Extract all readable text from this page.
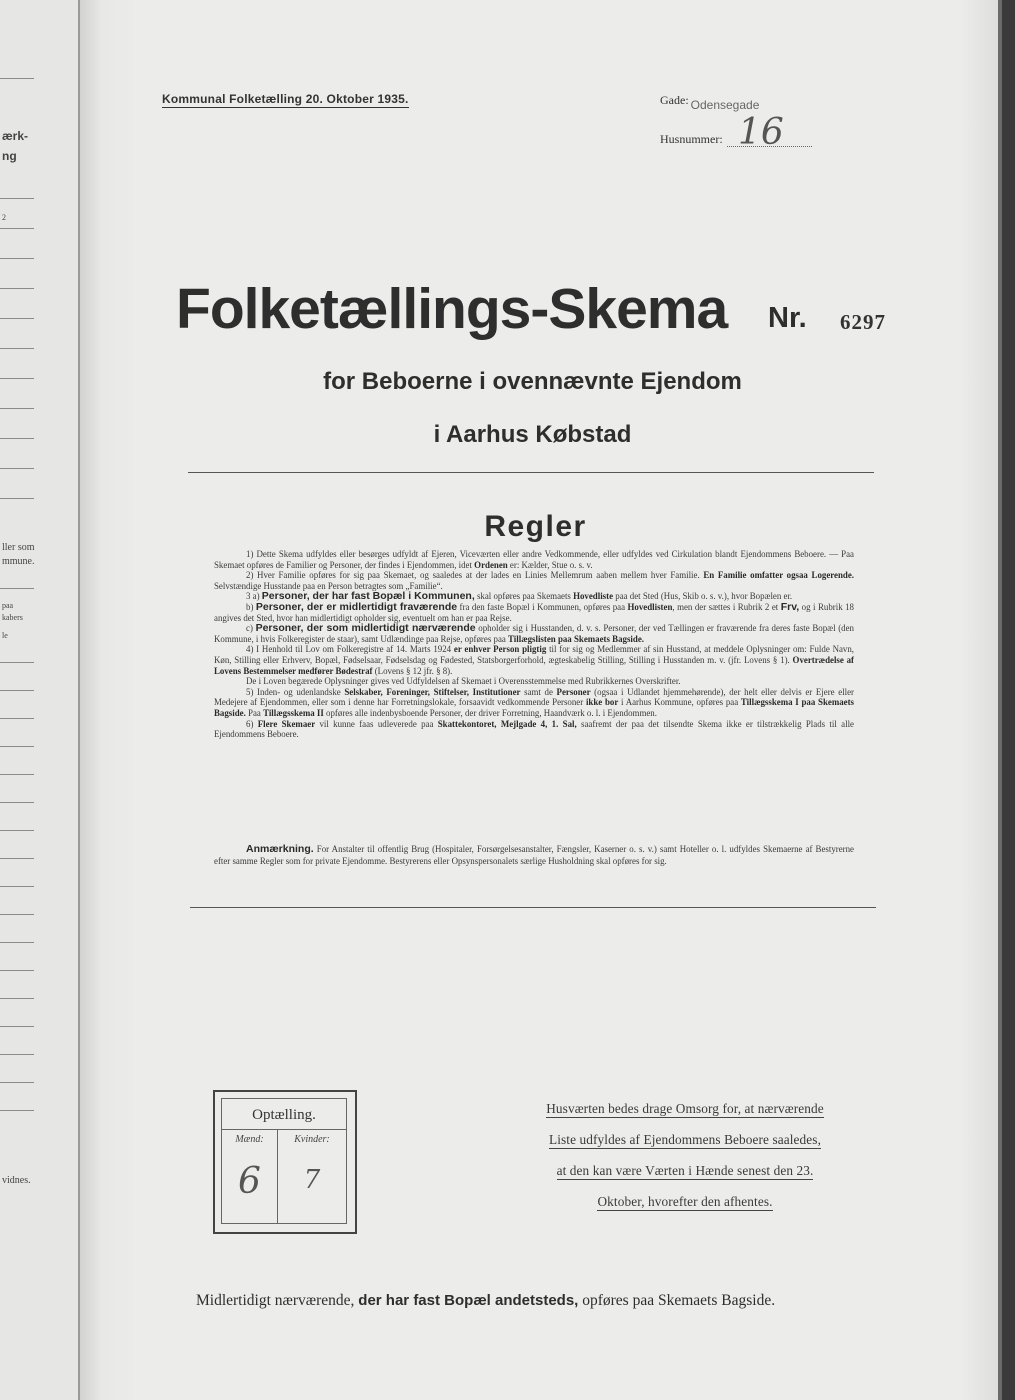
ærk-
ng
2
ller som
mmune.
paa
kabers
le
vidnes.
Kommunal Folketælling 20. Oktober 1935.	Gade: Odensegade
Husnummer: 16
Folketællings-Skema Nr. 6297
for Beboerne i ovennævnte Ejendom
i Aarhus Købstad
Regler

1) Dette Skema udfyldes eller besørges udfyldt af Ejeren, Viceværten eller andre Vedkommende, eller udfyldes ved Cirkulation blandt Ejendommens Beboere. — Paa Skemaet opføres de Familier og Personer, der findes i Ejendommen, idet Ordenen er: Kælder, Stue o. s. v.

2) Hver Familie opføres for sig paa Skemaet, og saaledes at der lades en Linies Mellemrum aaben mellem hver Familie. En Familie omfatter ogsaa Logerende. Selvstændige Husstande paa en Person betragtes som „Familie“.

3 a) Personer, der har fast Bopæl i Kommunen, skal opføres paa Skemaets Hovedliste paa det Sted (Hus, Skib o. s. v.), hvor Bopælen er.

b) Personer, der er midlertidigt fraværende fra den faste Bopæl i Kommunen, opføres paa Hovedlisten, men der sættes i Rubrik 2 et Frv, og i Rubrik 18 angives det Sted, hvor han midlertidigt opholder sig, eventuelt om han er paa Rejse.

c) Personer, der som midlertidigt nærværende opholder sig i Husstanden, d. v. s. Personer, der ved Tællingen er fraværende fra deres faste Bopæl (den Kommune, i hvis Folkeregister de staar), samt Udlændinge paa Rejse, opføres paa Tillægslisten paa Skemaets Bagside.

4) I Henhold til Lov om Folkeregistre af 14. Marts 1924 er enhver Person pligtig til for sig og Medlemmer af sin Husstand, at meddele Oplysninger om: Fulde Navn, Køn, Stilling eller Erhverv, Bopæl, Fødselsaar, Fødselsdag og Fødested, Statsborgerforhold, ægteskabelig Stilling, Stilling i Husstanden m. v. (jfr. Lovens § 1). Overtrædelse af Lovens Bestemmelser medfører Bødestraf (Lovens § 12 jfr. § 8).

De i Loven begærede Oplysninger gives ved Udfyldelsen af Skemaet i Overensstemmelse med Rubrikkernes Overskrifter.

5) Inden- og udenlandske Selskaber, Foreninger, Stiftelser, Institutioner samt de Personer (ogsaa i Udlandet hjemmehørende), der helt eller delvis er Ejere eller Medejere af Ejendommen, eller som i denne har Forretningslokale, forsaavidt vedkommende Personer ikke bor i Aarhus Kommune, opføres paa Tillægsskema I paa Skemaets Bagside. Paa Tillægsskema II opføres alle indenbysboende Personer, der driver Forretning, Haandværk o. l. i Ejendommen.

6) Flere Skemaer vil kunne faas udleverede paa Skattekontoret, Mejlgade 4, 1. Sal, saafremt der paa det tilsendte Skema ikke er tilstrækkelig Plads til alle Ejendommens Beboere.

Anmærkning. For Anstalter til offentlig Brug (Hospitaler, Forsørgelsesanstalter, Fængsler, Kaserner o. s. v.) samt Hoteller o. l. udfyldes Skemaerne af Bestyrerne efter samme Regler som for private Ejendomme. Bestyrerens eller Opsynspersonalets særlige Husholdning skal opføres for sig.
Optælling.
Mænd:	Kvinder:
6	7
Husværten bedes drage Omsorg for, at nærværende
Liste udfyldes af Ejendommens Beboere saaledes,
at den kan være Værten i Hænde senest den 23.
Oktober, hvorefter den afhentes.
Midlertidigt nærværende, der har fast Bopæl andetsteds, opføres paa Skemaets Bagside.
